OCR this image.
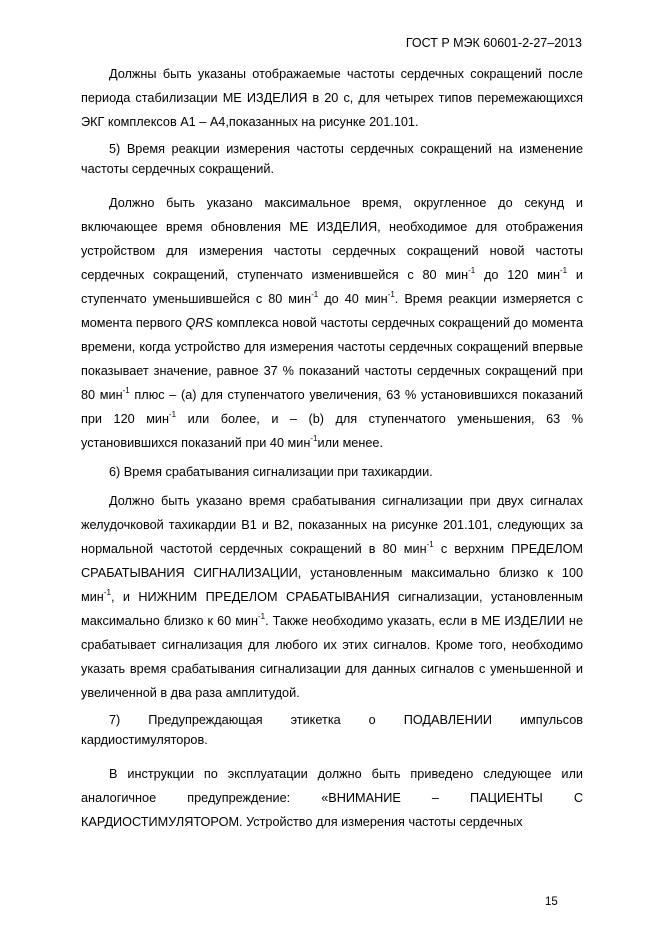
ГОСТ Р МЭК 60601-2-27–2013

Должны быть указаны отображаемые частоты сердечных сокращений после периода стабилизации МЕ ИЗДЕЛИЯ в 20 с, для четырех типов перемежающихся ЭКГ комплексов А1 – А4,показанных на рисунке 201.101.

5) Время реакции измерения частоты сердечных сокращений на изменение частоты сердечных сокращений.

Должно быть указано максимальное время, округленное до секунд и включающее время обновления МЕ ИЗДЕЛИЯ, необходимое для отображения устройством для измерения частоты сердечных сокращений новой частоты сердечных сокращений, ступенчато изменившейся с 80 мин$^{-1}$ до 120 мин$^{-1}$ и ступенчато уменьшившейся с 80 мин$^{-1}$ до 40 мин$^{-1}$. Время реакции измеряется с момента первого QRS комплекса новой частоты сердечных сокращений до момента времени, когда устройство для измерения частоты сердечных сокращений впервые показывает значение, равное 37 % показаний частоты сердечных сокращений при 80 мин$^{-1}$ плюс – (а) для ступенчатого увеличения, 63 % установившихся показаний при 120 мин$^{-1}$ или более, и – (b) для ступенчатого уменьшения, 63 % установившихся показаний при 40 мин$^{-1}$или менее.

6) Время срабатывания сигнализации при тахикардии.

Должно быть указано время срабатывания сигнализации при двух сигналах желудочковой тахикардии В1 и В2, показанных на рисунке 201.101, следующих за нормальной частотой сердечных сокращений в 80 мин$^{-1}$ с верхним ПРЕДЕЛОМ СРАБАТЫВАНИЯ СИГНАЛИЗАЦИИ, установленным максимально близко к 100 мин$^{-1}$, и НИЖНИМ ПРЕДЕЛОМ СРАБАТЫВАНИЯ сигнализации, установленным максимально близко к 60 мин$^{-1}$. Также необходимо указать, если в МЕ ИЗДЕЛИИ не срабатывает сигнализация для любого их этих сигналов. Кроме того, необходимо указать время срабатывания сигнализации для данных сигналов с уменьшенной и увеличенной в два раза амплитудой.

7) Предупреждающая этикетка о ПОДАВЛЕНИИ импульсов кардиостимуляторов.

В инструкции по эксплуатации должно быть приведено следующее или аналогичное предупреждение: «ВНИМАНИЕ – ПАЦИЕНТЫ С КАРДИОСТИМУЛЯТОРОМ. Устройство для измерения частоты сердечных

15
